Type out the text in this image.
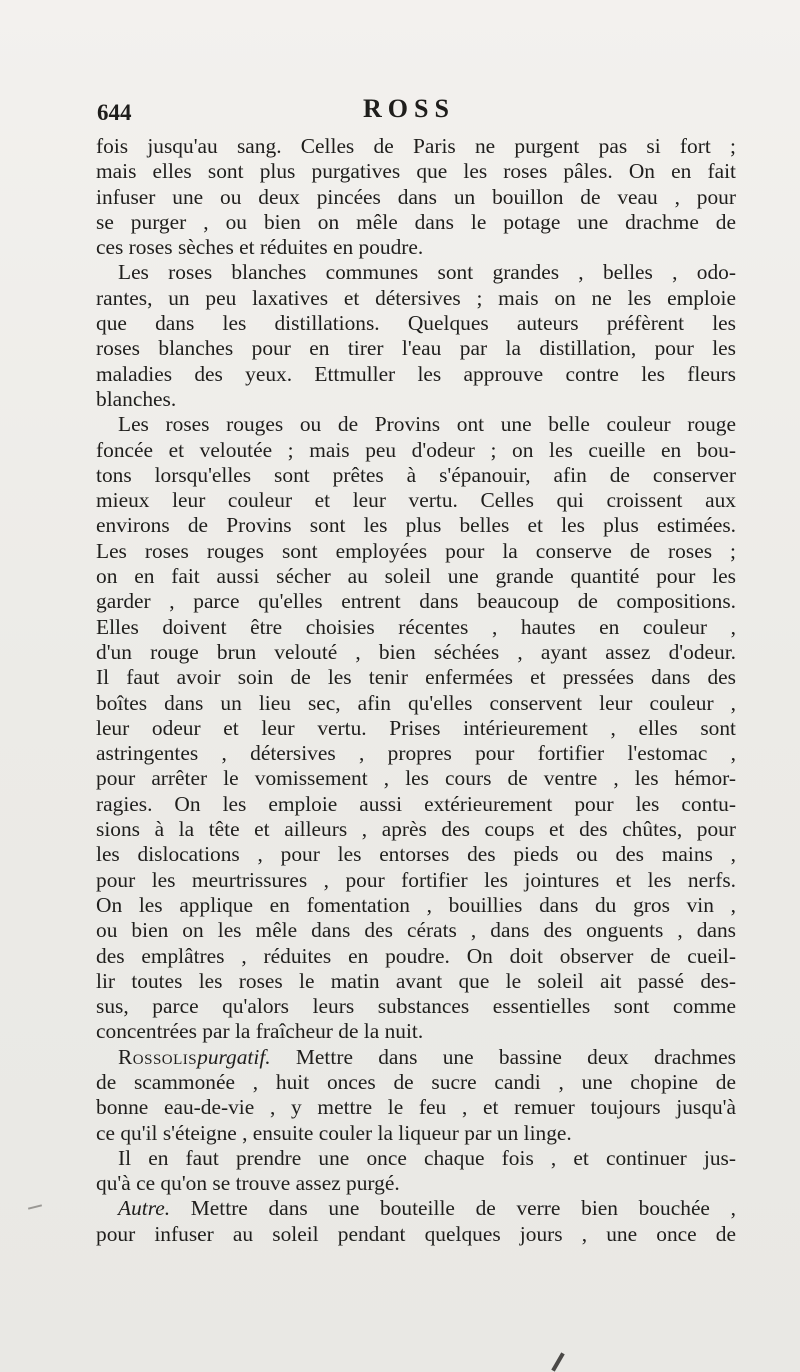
644	ROSS
fois jusqu'au sang. Celles de Paris ne purgent pas si fort ;
mais elles sont plus purgatives que les roses pâles. On en fait
infuser une ou deux pincées dans un bouillon de veau , pour
se purger , ou bien on mêle dans le potage une drachme de
ces roses sèches et réduites en poudre.
Les roses blanches communes sont grandes , belles , odo-
rantes, un peu laxatives et détersives ; mais on ne les emploie
que dans les distillations. Quelques auteurs préfèrent les
roses blanches pour en tirer l'eau par la distillation, pour les
maladies des yeux. Ettmuller les approuve contre les fleurs
blanches.
Les roses rouges ou de Provins ont une belle couleur rouge
foncée et veloutée ; mais peu d'odeur ; on les cueille en bou-
tons lorsqu'elles sont prêtes à s'épanouir, afin de conserver
mieux leur couleur et leur vertu. Celles qui croissent aux
environs de Provins sont les plus belles et les plus estimées.
Les roses rouges sont employées pour la conserve de roses ;
on en fait aussi sécher au soleil une grande quantité pour les
garder , parce qu'elles entrent dans beaucoup de compositions.
Elles doivent être choisies récentes , hautes en couleur ,
d'un rouge brun velouté , bien séchées , ayant assez d'odeur.
Il faut avoir soin de les tenir enfermées et pressées dans des
boîtes dans un lieu sec, afin qu'elles conservent leur couleur ,
leur odeur et leur vertu. Prises intérieurement , elles sont
astringentes , détersives , propres pour fortifier l'estomac ,
pour arrêter le vomissement , les cours de ventre , les hémor-
ragies. On les emploie aussi extérieurement pour les contu-
sions à la tête et ailleurs , après des coups et des chûtes, pour
les dislocations , pour les entorses des pieds ou des mains ,
pour les meurtrissures , pour fortifier les jointures et les nerfs.
On les applique en fomentation , bouillies dans du gros vin ,
ou bien on les mêle dans des cérats , dans des onguents , dans
des emplâtres , réduites en poudre. On doit observer de cueil-
lir toutes les roses le matin avant que le soleil ait passé des-
sus, parce qu'alors leurs substances essentielles sont comme
concentrées par la fraîcheur de la nuit.
Rossolispurgatif. Mettre dans une bassine deux drachmes
de scammonée , huit onces de sucre candi , une chopine de
bonne eau-de-vie , y mettre le feu , et remuer toujours jusqu'à
ce qu'il s'éteigne , ensuite couler la liqueur par un linge.
Il en faut prendre une once chaque fois , et continuer jus-
qu'à ce qu'on se trouve assez purgé.
Autre. Mettre dans une bouteille de verre bien bouchée ,
pour infuser au soleil pendant quelques jours , une once de
